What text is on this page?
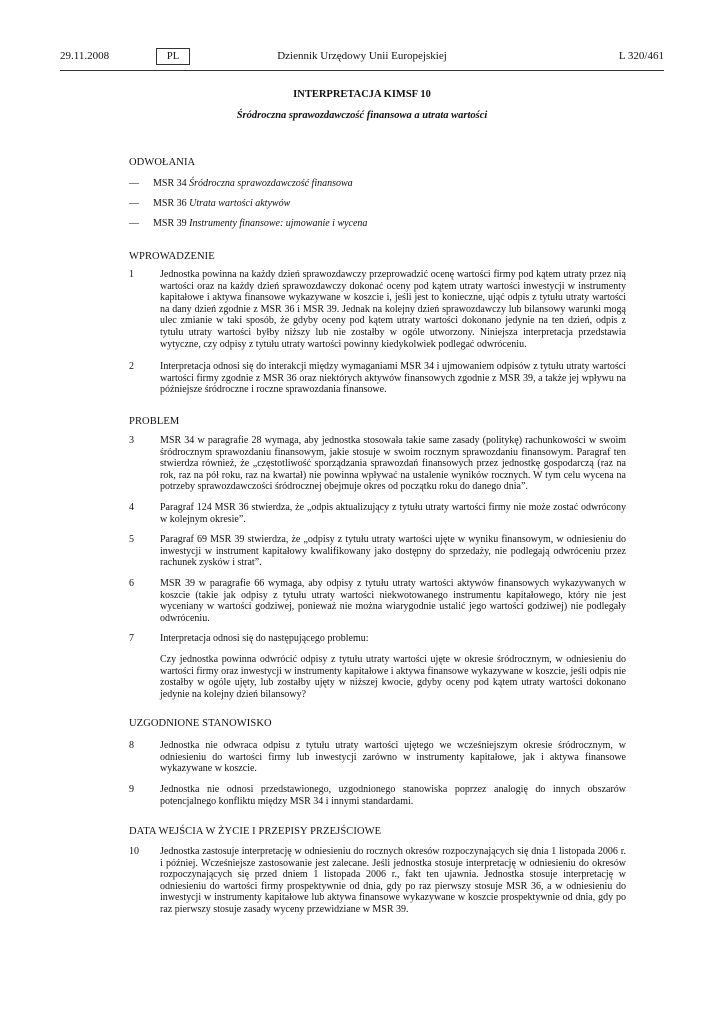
29.11.2008	PL	Dziennik Urzędowy Unii Europejskiej	L 320/461
INTERPRETACJA KIMSF 10
Śródroczna sprawozdawczość finansowa a utrata wartości
ODWOŁANIA
— MSR 34 Śródroczna sprawozdawczość finansowa
— MSR 36 Utrata wartości aktywów
— MSR 39 Instrumenty finansowe: ujmowanie i wycena
WPROWADZENIE
1	Jednostka powinna na każdy dzień sprawozdawczy przeprowadzić ocenę wartości firmy pod kątem utraty przez nią wartości oraz na każdy dzień sprawozdawczy dokonać oceny pod kątem utraty wartości inwestycji w instrumenty kapitałowe i aktywa finansowe wykazywane w koszcie i, jeśli jest to konieczne, ująć odpis z tytułu utraty wartości na dany dzień zgodnie z MSR 36 i MSR 39. Jednak na kolejny dzień sprawozdawczy lub bilansowy warunki mogą ulec zmianie w taki sposób, że gdyby oceny pod kątem utraty wartości dokonano jedynie na ten dzień, odpis z tytułu utraty wartości byłby niższy lub nie zostałby w ogóle utworzony. Niniejsza interpretacja przedstawia wytyczne, czy odpisy z tytułu utraty wartości powinny kiedykolwiek podlegać odwróceniu.
2	Interpretacja odnosi się do interakcji między wymaganiami MSR 34 i ujmowaniem odpisów z tytułu utraty wartości wartości firmy zgodnie z MSR 36 oraz niektórych aktywów finansowych zgodnie z MSR 39, a także jej wpływu na późniejsze śródroczne i roczne sprawozdania finansowe.
PROBLEM
3	MSR 34 w paragrafie 28 wymaga, aby jednostka stosowała takie same zasady (politykę) rachunkowości w swoim śródrocznym sprawozdaniu finansowym, jakie stosuje w swoim rocznym sprawozdaniu finansowym. Paragraf ten stwierdza również, że „częstotliwość sporządzania sprawozdań finansowych przez jednostkę gospodarczą (raz na rok, raz na pół roku, raz na kwartał) nie powinna wpływać na ustalenie wyników rocznych. W tym celu wycena na potrzeby sprawozdawczości śródrocznej obejmuje okres od początku roku do danego dnia”.
4	Paragraf 124 MSR 36 stwierdza, że „odpis aktualizujący z tytułu utraty wartości firmy nie może zostać odwrócony w kolejnym okresie”.
5	Paragraf 69 MSR 39 stwierdza, że „odpisy z tytułu utraty wartości ujęte w wyniku finansowym, w odniesieniu do inwestycji w instrument kapitałowy kwalifikowany jako dostępny do sprzedaży, nie podlegają odwróceniu przez rachunek zysków i strat”.
6	MSR 39 w paragrafie 66 wymaga, aby odpisy z tytułu utraty wartości aktywów finansowych wykazywanych w koszcie (takie jak odpisy z tytułu utraty wartości niekwotowanego instrumentu kapitałowego, który nie jest wyceniany w wartości godziwej, ponieważ nie można wiarygodnie ustalić jego wartości godziwej) nie podlegały odwróceniu.
7	Interpretacja odnosi się do następującego problemu:
Czy jednostka powinna odwrócić odpisy z tytułu utraty wartości ujęte w okresie śródrocznym, w odniesieniu do wartości firmy oraz inwestycji w instrumenty kapitałowe i aktywa finansowe wykazywane w koszcie, jeśli odpis nie zostałby w ogóle ujęty, lub zostałby ujęty w niższej kwocie, gdyby oceny pod kątem utraty wartości dokonano jedynie na kolejny dzień bilansowy?
UZGODNIONE STANOWISKO
8	Jednostka nie odwraca odpisu z tytułu utraty wartości ujętego we wcześniejszym okresie śródrocznym, w odniesieniu do wartości firmy lub inwestycji zarówno w instrumenty kapitałowe, jak i aktywa finansowe wykazywane w koszcie.
9	Jednostka nie odnosi przedstawionego, uzgodnionego stanowiska poprzez analogię do innych obszarów potencjalnego konfliktu między MSR 34 i innymi standardami.
DATA WEJŚCIA W ŻYCIE I PRZEPISY PRZEJŚCIOWE
10 Jednostka zastosuje interpretację w odniesieniu do rocznych okresów rozpoczynających się dnia 1 listopada 2006 r. i później. Wcześniejsze zastosowanie jest zalecane. Jeśli jednostka stosuje interpretację w odniesieniu do okresów rozpoczynających się przed dniem 1 listopada 2006 r., fakt ten ujawnia. Jednostka stosuje interpretację w odniesieniu do wartości firmy prospektywnie od dnia, gdy po raz pierwszy stosuje MSR 36, a w odniesieniu do inwestycji w instrumenty kapitałowe lub aktywa finansowe wykazywane w koszcie prospektywnie od dnia, gdy po raz pierwszy stosuje zasady wyceny przewidziane w MSR 39.
